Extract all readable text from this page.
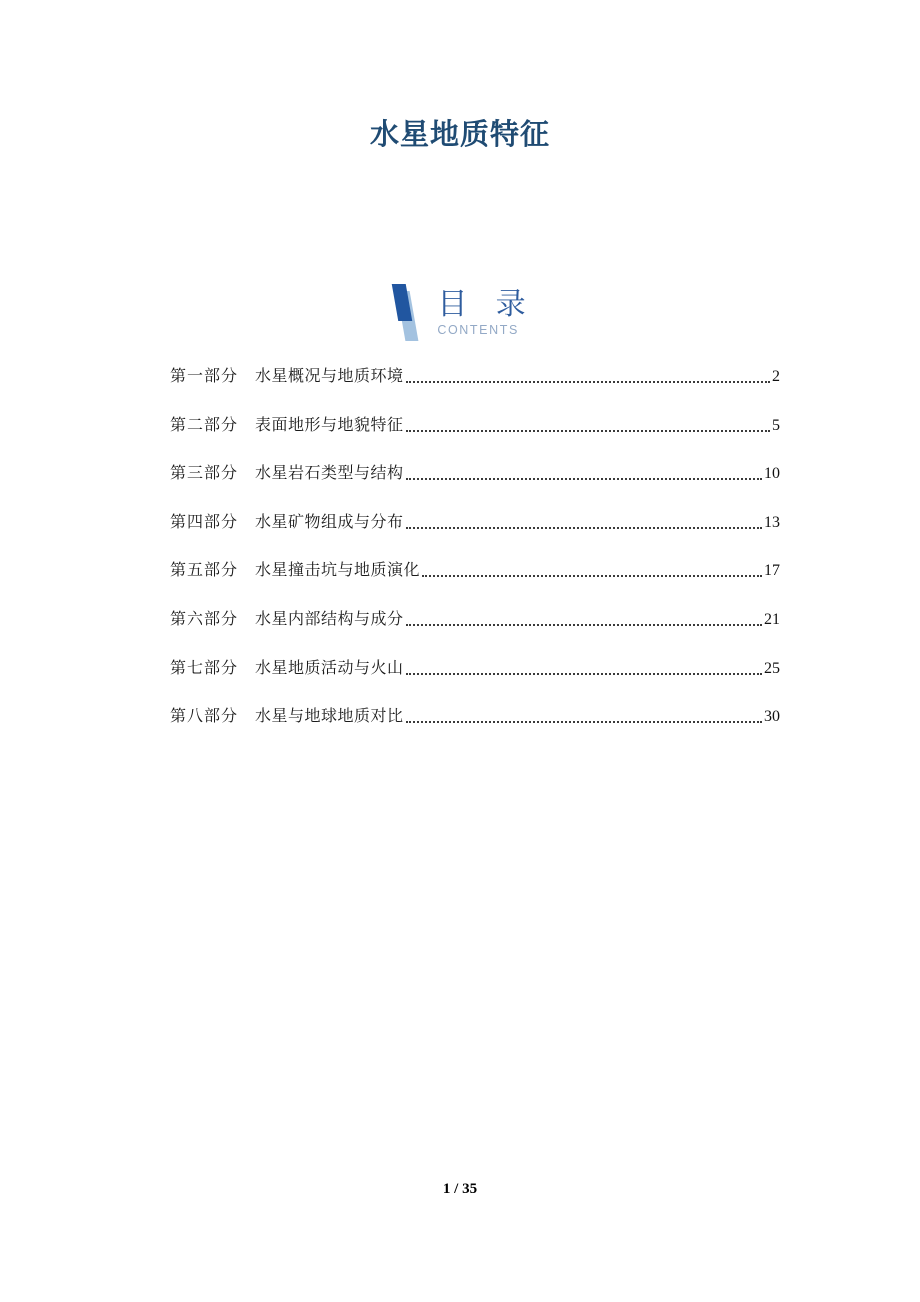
水星地质特征
目 录
CONTENTS
第一部分 水星概况与地质环境	2
第二部分 表面地形与地貌特征	5
第三部分 水星岩石类型与结构	10
第四部分 水星矿物组成与分布	13
第五部分 水星撞击坑与地质演化	17
第六部分 水星内部结构与成分	21
第七部分 水星地质活动与火山	25
第八部分 水星与地球地质对比	30
1 / 35
